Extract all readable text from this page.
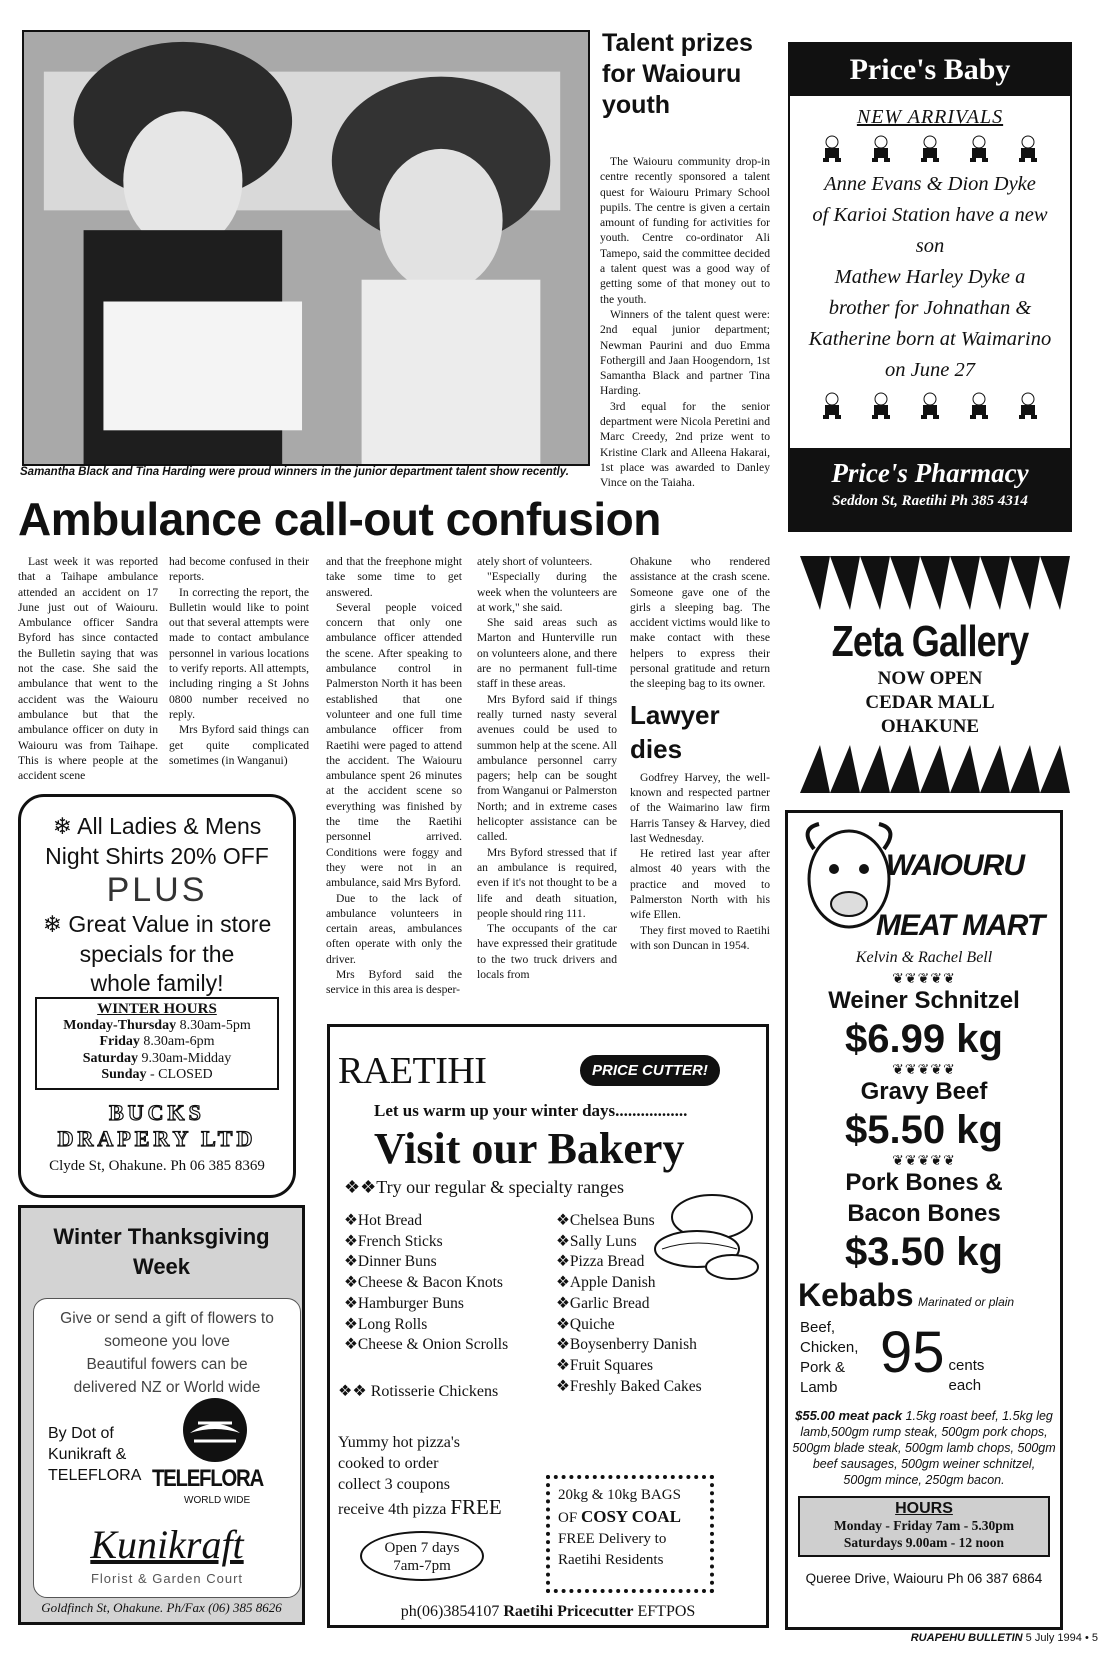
Samantha Black and Tina Harding were proud winners in the junior department talent show recently.
Talent prizes for Waiouru youth

The Waiouru community drop-in centre recently sponsored a talent quest for Waiouru Primary School pupils. The centre is given a certain amount of funding for activities for youth. Centre co-ordinator Ali Tamepo, said the committee decided a talent quest was a good way of getting some of that money out to the youth.

Winners of the talent quest were: 2nd equal junior department; Newman Paurini and duo Emma Fothergill and Jaan Hoogendorn, 1st Samantha Black and partner Tina Harding.

3rd equal for the senior department were Nicola Peretini and Marc Creedy, 2nd prize went to Kristine Clark and Alleena Hakarai, 1st place was awarded to Danley Vince on the Taiaha.

Ambulance call-out confusion

Last week it was reported that a Taihape ambulance attended an accident on 17 June just out of Waiouru. Ambulance officer Sandra Byford has since contacted the Bulletin saying that was not the case. She said the ambulance that went to the accident was the Waiouru ambulance but that the ambulance officer on duty in Waiouru was from Taihape. This is where people at the accident scene

had become confused in their reports.

In correcting the report, the Bulletin would like to point out that several attempts were made to contact ambulance personnel in various locations to verify reports. All attempts, including ringing a St Johns 0800 number received no reply.

Mrs Byford said things can get quite complicated sometimes (in Wanganui)

and that the freephone might take some time to get answered.

Several people voiced concern that only one ambulance officer attended the scene. After speaking to ambulance control in Palmerston North it has been established that one volunteer and one full time ambulance officer from Raetihi were paged to attend the accident. The Waiouru ambulance spent 26 minutes at the accident scene so everything was finished by the time the Raetihi personnel arrived. Conditions were foggy and they were not in an ambulance, said Mrs Byford.

Due to the lack of ambulance volunteers in certain areas, ambulances often operate with only the driver.

Mrs Byford said the service in this area is desper-

ately short of volunteers.

"Especially during the week when the volunteers are at work," she said.

She said areas such as Marton and Hunterville run on volunteers alone, and there are no permanent full-time staff in these areas.

Mrs Byford said if things really turned nasty several avenues could be used to summon help at the scene. All ambulance personnel carry pagers; help can be sought from Wanganui or Palmerston North; and in extreme cases helicopter assistance can be called.

Mrs Byford stressed that if an ambulance is required, even if it's not thought to be a life and death situation, people should ring 111.

The occupants of the car have expressed their gratitude to the two truck drivers and locals from

Ohakune who rendered assistance at the crash scene. Someone gave one of the girls a sleeping bag. The accident victims would like to make contact with these helpers to express their personal gratitude and return the sleeping bag to its owner.

Lawyer dies

Godfrey Harvey, the well-known and respected partner of the Waimarino law firm Harris Tansey & Harvey, died last Wednesday.

He retired last year after almost 40 years with the practice and moved to Palmerston North with his wife Ellen.

They first moved to Raetihi with son Duncan in 1954.

Price's Baby
NEW ARRIVALS
Anne Evans & Dion Dyke
of Karioi Station have a new
son
Mathew Harley Dyke a
brother for Johnathan &
Katherine born at Waimarino
on June 27
Price's Pharmacy
Seddon St, Raetihi Ph 385 4314
Zeta Gallery
NOW OPEN
CEDAR MALL
OHAKUNE
WAIOURU
MEAT MART
Kelvin & Rachel Bell
❦❦❦❦❦
Weiner Schnitzel
$6.99 kg
❦❦❦❦❦
Gravy Beef
$5.50 kg
❦❦❦❦❦
Pork Bones &
Bacon Bones
$3.50 kg
Kebabs Marinated or plain
Beef,
Chicken,
Pork &
Lamb
95 cents
each
$55.00 meat pack 1.5kg roast beef, 1.5kg leg lamb,500gm rump steak, 500gm pork chops, 500gm blade steak, 500gm lamb chops, 500gm beef sausages, 500gm weiner schnitzel, 500gm mince, 250gm bacon.
HOURS
Monday - Friday 7am - 5.30pm
Saturdays 9.00am - 12 noon
Queree Drive, Waiouru Ph 06 387 6864
❄ All Ladies & Mens
Night Shirts 20% OFF
PLUS
❄ Great Value in store
specials for the
whole family!
WINTER HOURS
Monday-Thursday 8.30am-5pm
Friday 8.30am-6pm
Saturday 9.30am-Midday
Sunday - CLOSED
BUCKS
DRAPERY LTD
Clyde St, Ohakune. Ph 06 385 8369
Winter Thanksgiving
Week
Give or send a gift of flowers to
someone you love
Beautiful fowers can be
delivered NZ or World wide
By Dot of
Kunikraft &
TELEFLORA TELEFLORA
WORLD WIDE
Kunikraft
Florist & Garden Court
Goldfinch St, Ohakune. Ph/Fax (06) 385 8626
RAETIHI	PRICE CUTTER!
Let us warm up your winter days.................
Visit our Bakery
❖❖Try our regular & specialty ranges
❖Hot Bread
❖French Sticks
❖Dinner Buns
❖Cheese & Bacon Knots
❖Hamburger Buns
❖Long Rolls
❖Cheese & Onion Scrolls
❖Chelsea Buns
❖Sally Luns
❖Pizza Bread
❖Apple Danish
❖Garlic Bread
❖Quiche
❖Boysenberry Danish
❖Fruit Squares
❖Freshly Baked Cakes
❖❖ Rotisserie Chickens
Yummy hot pizza's
cooked to order
collect 3 coupons
receive 4th pizza FREE
Open 7 days
7am-7pm
20kg & 10kg BAGS
OF COSY COAL
FREE Delivery to
Raetihi Residents
ph(06)3854107 Raetihi Pricecutter EFTPOS
RUAPEHU BULLETIN 5 July 1994 • 5
